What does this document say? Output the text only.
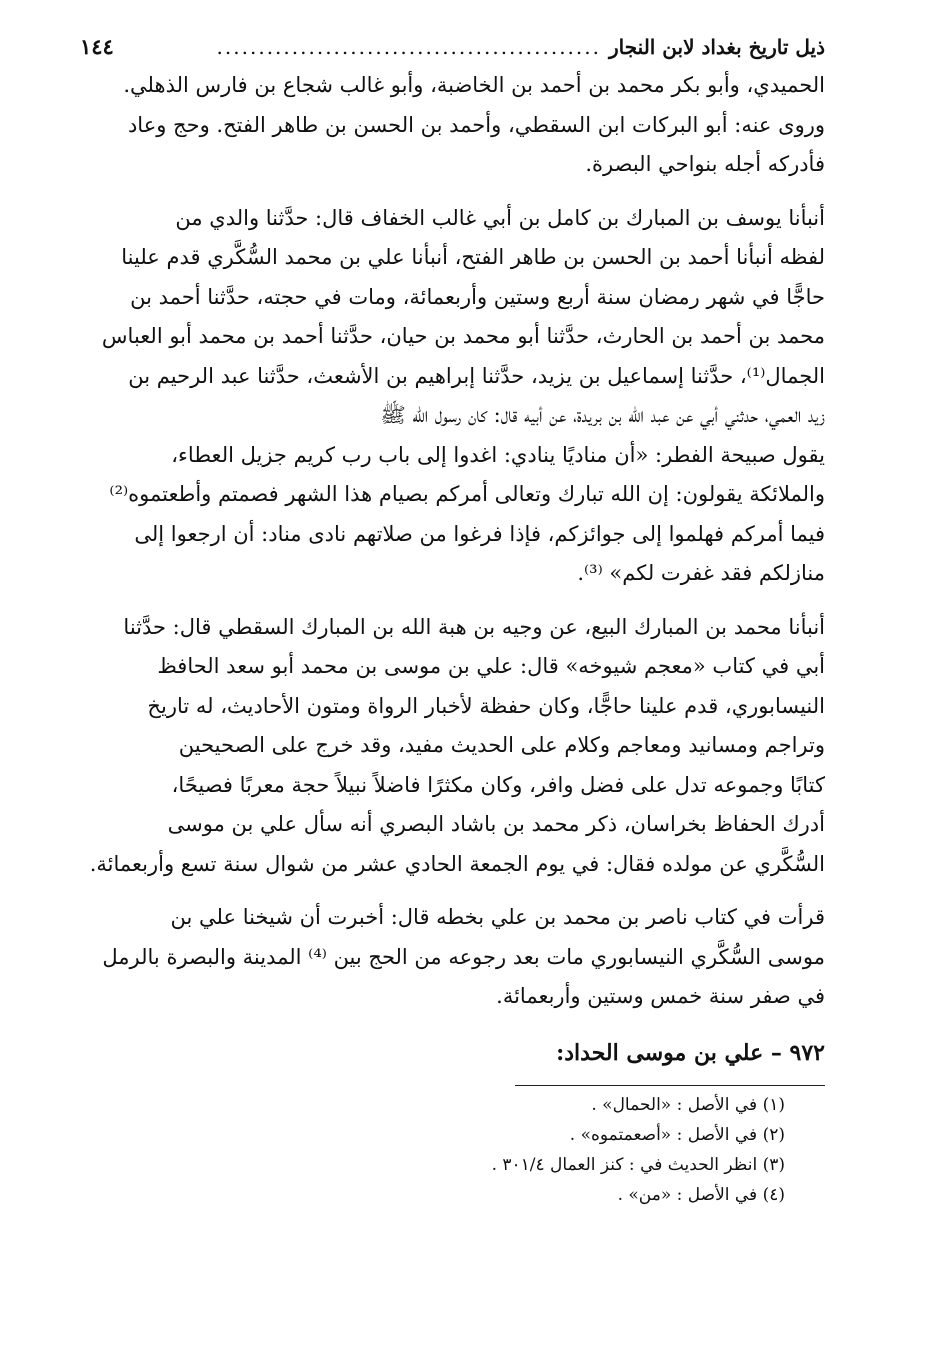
ذيل تاريخ بغداد لابن النجار
..............................................
١٤٤

الحميدي، وأبو بكر محمد بن أحمد بن الخاضبة، وأبو غالب شجاع بن فارس الذهلي.

وروى عنه: أبو البركات ابن السقطي، وأحمد بن الحسن بن طاهر الفتح. وحج وعاد

فأدركه أجله بنواحي البصرة.

أنبأنا يوسف بن المبارك بن كامل بن أبي غالب الخفاف قال: حدَّثنا والدي من

لفظه أنبأنا أحمد بن الحسن بن طاهر الفتح، أنبأنا علي بن محمد السُّكَّري قدم علينا

حاجًّا في شهر رمضان سنة أربع وستين وأربعمائة، ومات في حجته، حدَّثنا أحمد بن

محمد بن أحمد بن الحارث، حدَّثنا أبو محمد بن حيان، حدَّثنا أحمد بن محمد أبو العباس

الجمال⁽¹⁾، حدَّثنا إسماعيل بن يزيد، حدَّثنا إبراهيم بن الأشعث، حدَّثنا عبد الرحيم بن

زيد العمي، حدثني أبي عن عبد الله بن بريدة، عن أبيه قال: كان رسول الله ﷺ

يقول صبيحة الفطر: «أن مناديًا ينادي: اغدوا إلى باب رب كريم جزيل العطاء،

والملائكة يقولون: إن الله تبارك وتعالى أمركم بصيام هذا الشهر فصمتم وأطعتموه⁽²⁾

فيما أمركم فهلموا إلى جوائزكم، فإذا فرغوا من صلاتهم نادى مناد: أن ارجعوا إلى

منازلكم فقد غفرت لكم» ⁽³⁾.

أنبأنا محمد بن المبارك البيع، عن وجيه بن هبة الله بن المبارك السقطي قال: حدَّثنا

أبي في كتاب «معجم شيوخه» قال: علي بن موسى بن محمد أبو سعد الحافظ

النيسابوري، قدم علينا حاجًّا، وكان حفظة لأخبار الرواة ومتون الأحاديث، له تاريخ

وتراجم ومسانيد ومعاجم وكلام على الحديث مفيد، وقد خرج على الصحيحين

كتابًا وجموعه تدل على فضل وافر، وكان مكثرًا فاضلاً نبيلاً حجة معربًا فصيحًا،

أدرك الحفاظ بخراسان، ذكر محمد بن باشاد البصري أنه سأل علي بن موسى

السُّكَّري عن مولده فقال: في يوم الجمعة الحادي عشر من شوال سنة تسع وأربعمائة.

قرأت في كتاب ناصر بن محمد بن علي بخطه قال: أخبرت أن شيخنا علي بن

موسى السُّكَّري النيسابوري مات بعد رجوعه من الحج بين ⁽⁴⁾ المدينة والبصرة بالرمل

في صفر سنة خمس وستين وأربعمائة.

٩٧٢ – علي بن موسى الحداد:
(١) في الأصل : «الحمال» .
(٢) في الأصل : «أصعمتموه» .
(٣) انظر الحديث في : كنز العمال ٣٠١/٤ .
(٤) في الأصل : «من» .
